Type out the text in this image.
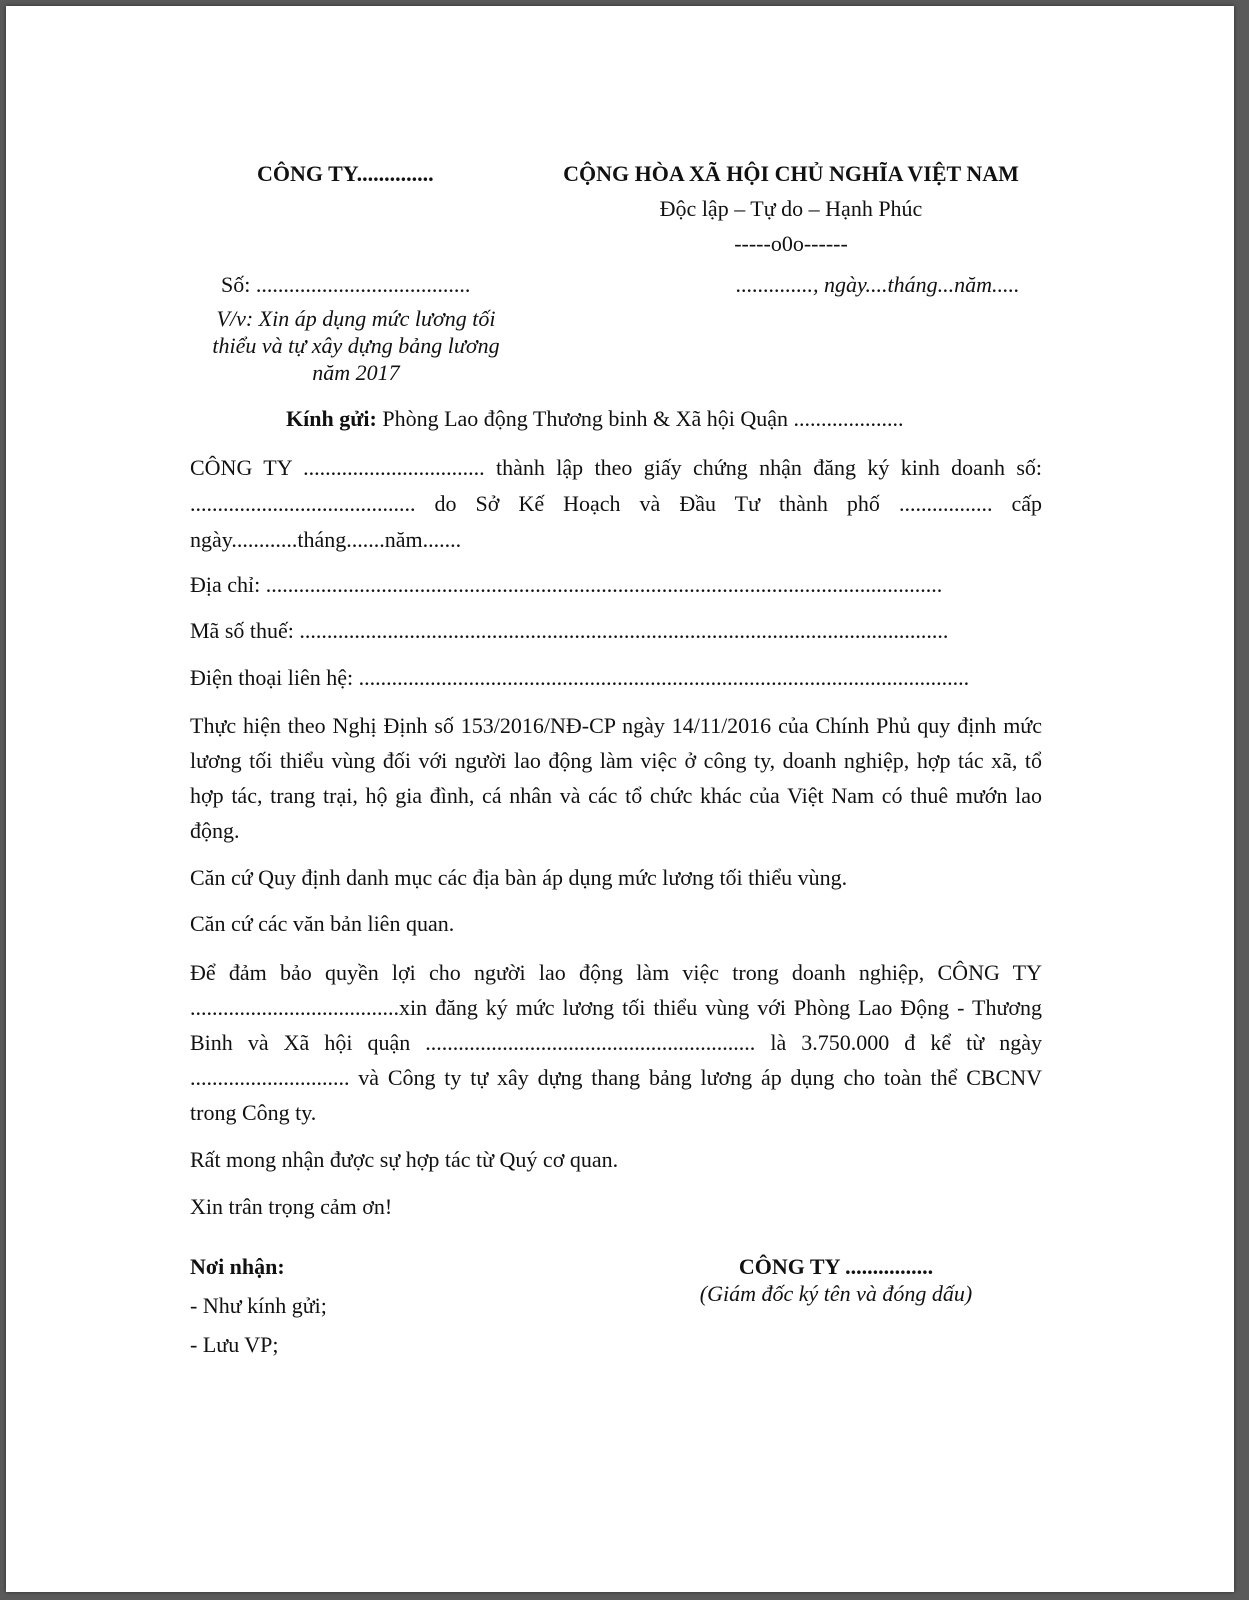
CÔNG TY..............	CỘNG HÒA XÃ HỘI CHỦ NGHĨA VIỆT NAM
Độc lập – Tự do – Hạnh Phúc
-----o0o------
Số: .......................................	.............., ngày....tháng...năm.....
V/v: Xin áp dụng mức lương tối
thiểu và tự xây dựng bảng lương
năm 2017
Kính gửi: Phòng Lao động Thương binh & Xã hội Quận ....................
CÔNG TY ................................. thành lập theo giấy chứng nhận đăng ký kinh doanh số: ......................................... do Sở Kế Hoạch và Đầu Tư thành phố ................. cấp ngày............tháng.......năm.......
Địa chỉ: ...........................................................................................................................
Mã số thuế: ......................................................................................................................
Điện thoại liên hệ: ...............................................................................................................
Thực hiện theo Nghị Định số 153/2016/NĐ-CP ngày 14/11/2016 của Chính Phủ quy định mức lương tối thiểu vùng đối với người lao động làm việc ở công ty, doanh nghiệp, hợp tác xã, tổ hợp tác, trang trại, hộ gia đình, cá nhân và các tổ chức khác của Việt Nam có thuê mướn lao động.
Căn cứ Quy định danh mục các địa bàn áp dụng mức lương tối thiểu vùng.
Căn cứ các văn bản liên quan.
Để đảm bảo quyền lợi cho người lao động làm việc trong doanh nghiệp, CÔNG TY ......................................xin đăng ký mức lương tối thiểu vùng với Phòng Lao Động - Thương Binh và Xã hội quận ............................................................ là 3.750.000 đ kể từ ngày ............................. và Công ty tự xây dựng thang bảng lương áp dụng cho toàn thể CBCNV trong Công ty.
Rất mong nhận được sự hợp tác từ Quý cơ quan.
Xin trân trọng cảm ơn!
Nơi nhận:
- Như kính gửi;
- Lưu VP;
CÔNG TY ................
(Giám đốc ký tên và đóng dấu)
